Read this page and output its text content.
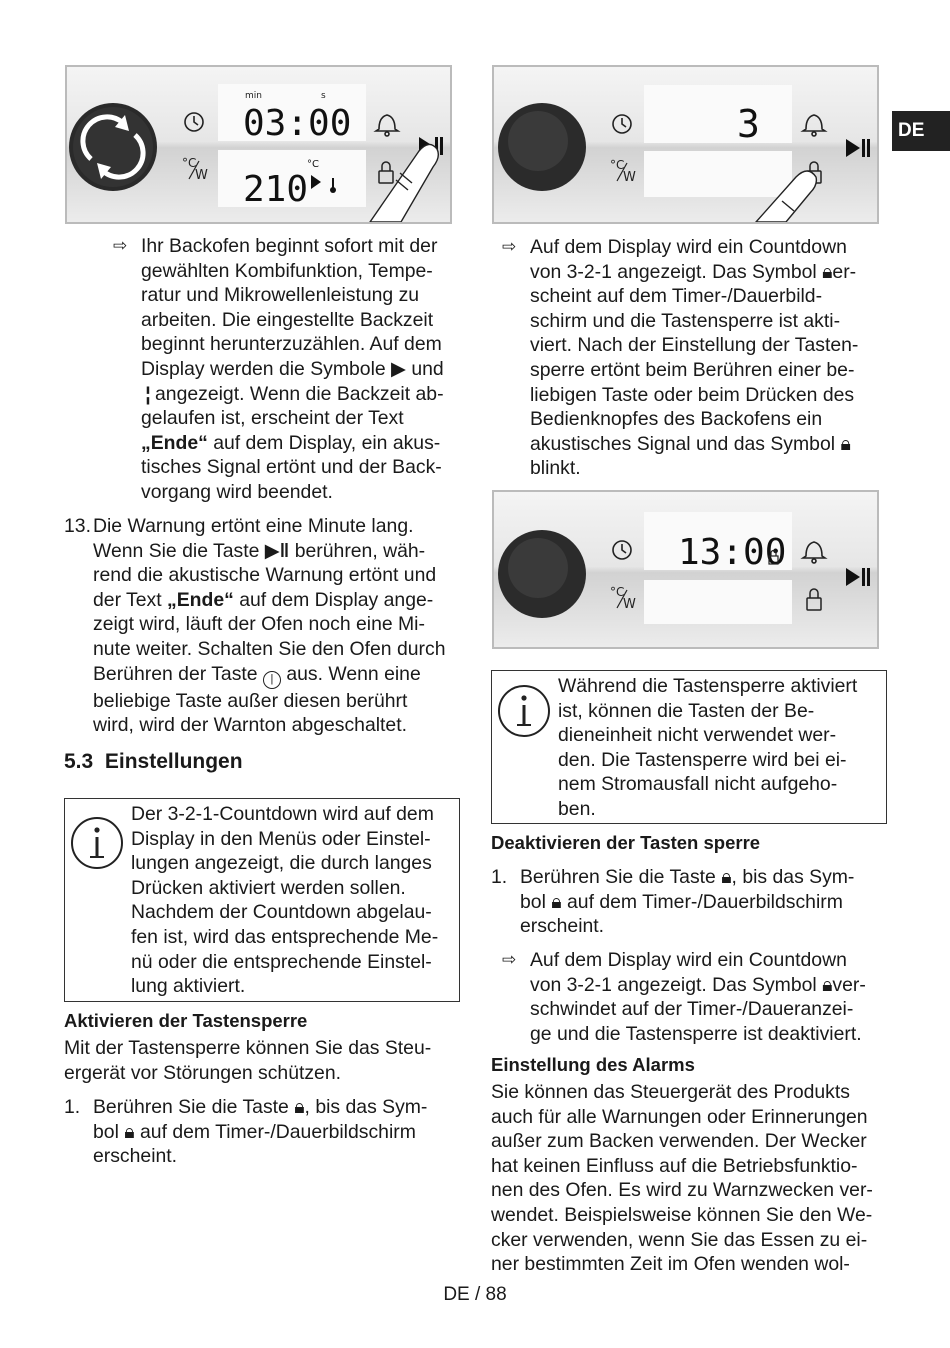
DE
°C
W
min	s
03:00
210
°C	°C
W
3
°C
W
13:00
⇨ Ihr Backofen beginnt sofort mit der
gewählten Kombifunktion, Tempe-
ratur und Mikrowellenleistung zu
arbeiten. Die eingestellte Backzeit
beginnt herunterzuzählen. Auf dem
Display werden die Symbole ▶ und
¦ angezeigt. Wenn die Backzeit ab-
gelaufen ist, erscheint der Text
„Ende“ auf dem Display, ein akus-
tisches Signal ertönt und der Back-
vorgang wird beendet.
13. Die Warnung ertönt eine Minute lang.
Wenn Sie die Taste ▶‖ berühren, wäh-
rend die akustische Warnung ertönt und
der Text „Ende“ auf dem Display ange-
zeigt wird, läuft der Ofen noch eine Mi-
nute weiter. Schalten Sie den Ofen durch
Berühren der Taste | aus. Wenn eine
beliebige Taste außer diesen berührt
wird, wird der Warnton abgeschaltet.
5.3 Einstellungen
Der 3-2-1-Countdown wird auf dem
Display in den Menüs oder Einstel-
lungen angezeigt, die durch langes
Drücken aktiviert werden sollen.
Nachdem der Countdown abgelau-
fen ist, wird das entsprechende Me-
nü oder die entsprechende Einstel-
lung aktiviert.
Aktivieren der Tastensperre
Mit der Tastensperre können Sie das Steu-
ergerät vor Störungen schützen.
1. Berühren Sie die Taste 🔒︎, bis das Sym-
bol 🔒︎ auf dem Timer-/Dauerbildschirm
erscheint.
⇨ Auf dem Display wird ein Countdown
von 3-2-1 angezeigt. Das Symbol 🔒︎er-
scheint auf dem Timer-/Dauerbild-
schirm und die Tastensperre ist akti-
viert. Nach der Einstellung der Tasten-
sperre ertönt beim Berühren einer be-
liebigen Taste oder beim Drücken des
Bedienknopfes des Backofens ein
akustisches Signal und das Symbol 🔒︎
blinkt.
Während die Tastensperre aktiviert
ist, können die Tasten der Be-
dieneinheit nicht verwendet wer-
den. Die Tastensperre wird bei ei-
nem Stromausfall nicht aufgeho-
ben.
Deaktivieren der Tasten sperre
1. Berühren Sie die Taste 🔒︎, bis das Sym-
bol 🔒︎ auf dem Timer-/Dauerbildschirm
erscheint.
⇨ Auf dem Display wird ein Countdown
von 3-2-1 angezeigt. Das Symbol 🔒︎ver-
schwindet auf der Timer-/Daueranzei-
ge und die Tastensperre ist deaktiviert.
Einstellung des Alarms
Sie können das Steuergerät des Produkts
auch für alle Warnungen oder Erinnerungen
außer zum Backen verwenden. Der Wecker
hat keinen Einfluss auf die Betriebsfunktio-
nen des Ofen. Es wird zu Warnzwecken ver-
wendet. Beispielsweise können Sie den We-
cker verwenden, wenn Sie das Essen zu ei-
ner bestimmten Zeit im Ofen wenden wol-
DE / 88
